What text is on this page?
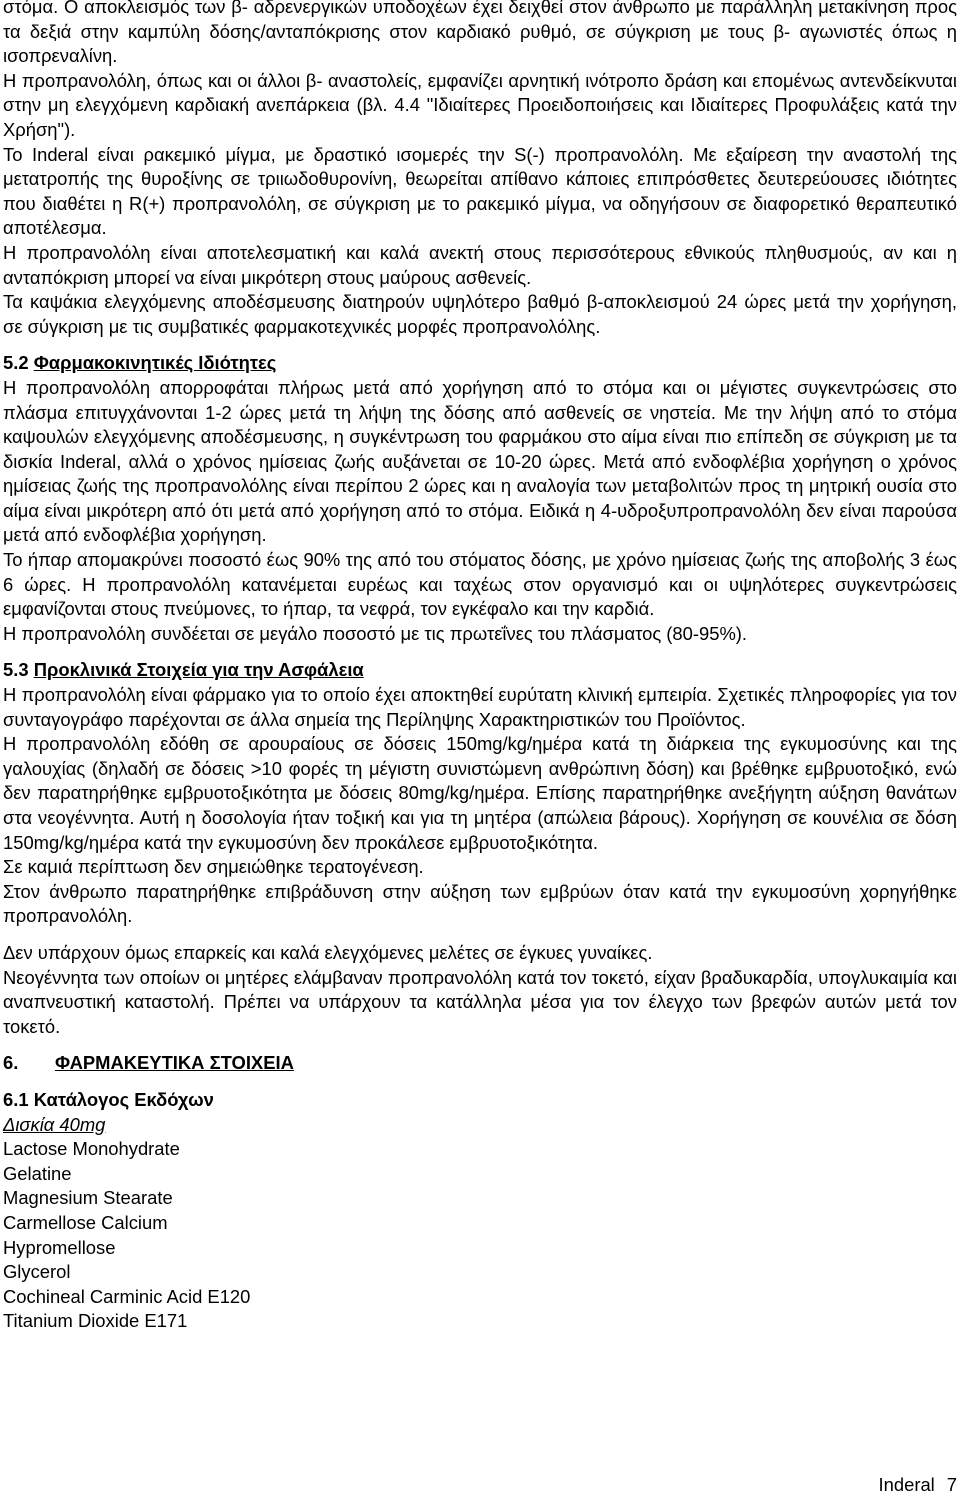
στόμα. Ο αποκλεισμός των β- αδρενεργικών υποδοχέων έχει δειχθεί στον άνθρωπο με παράλληλη μετακίνηση προς τα δεξιά στην καμπύλη δόσης/ανταπόκρισης στον καρδιακό ρυθμό, σε σύγκριση με τους β- αγωνιστές όπως η ισοπρεναλίνη.

Η προπρανολόλη, όπως και οι άλλοι β- αναστολείς, εμφανίζει αρνητική ινότροπο δράση και επομένως αντενδείκνυται στην μη ελεγχόμενη καρδιακή ανεπάρκεια (βλ. 4.4 "Ιδιαίτερες Προειδοποιήσεις και Ιδιαίτερες Προφυλάξεις κατά την Χρήση").

Το Inderal είναι ρακεμικό μίγμα, με δραστικό ισομερές την S(-) προπρανολόλη. Με εξαίρεση την αναστολή της μετατροπής της θυροξίνης σε τριιωδοθυρονίνη, θεωρείται απίθανο κάποιες επιπρόσθετες δευτερεύουσες ιδιότητες που διαθέτει η R(+) προπρανολόλη, σε σύγκριση με το ρακεμικό μίγμα, να οδηγήσουν σε διαφορετικό θεραπευτικό αποτέλεσμα.

Η προπρανολόλη είναι αποτελεσματική και καλά ανεκτή στους περισσότερους εθνικούς πληθυσμούς, αν και η ανταπόκριση μπορεί να είναι μικρότερη στους μαύρους ασθενείς.

Τα καψάκια ελεγχόμενης αποδέσμευσης διατηρούν υψηλότερο βαθμό β-αποκλεισμού 24 ώρες μετά την χορήγηση, σε σύγκριση με τις συμβατικές φαρμακοτεχνικές μορφές προπρανολόλης.

5.2 Φαρμακοκινητικές Ιδιότητες

Η προπρανολόλη απορροφάται πλήρως μετά από χορήγηση από το στόμα και οι μέγιστες συγκεντρώσεις στο πλάσμα επιτυγχάνονται 1-2 ώρες μετά τη λήψη της δόσης από ασθενείς σε νηστεία. Με την λήψη από το στόμα καψουλών ελεγχόμενης αποδέσμευσης, η συγκέντρωση του φαρμάκου στο αίμα είναι πιο επίπεδη σε σύγκριση με τα δισκία Inderal, αλλά ο χρόνος ημίσειας ζωής αυξάνεται σε 10-20 ώρες. Μετά από ενδοφλέβια χορήγηση ο χρόνος ημίσειας ζωής της προπρανολόλης είναι περίπου 2 ώρες και η αναλογία των μεταβολιτών προς τη μητρική ουσία στο αίμα είναι μικρότερη από ότι μετά από χορήγηση από το στόμα. Ειδικά η 4-υδροξυπροπρανολόλη δεν είναι παρούσα μετά από ενδοφλέβια χορήγηση.

Το ήπαρ απομακρύνει ποσοστό έως 90% της από του στόματος δόσης, με χρόνο ημίσειας ζωής της αποβολής 3 έως 6 ώρες. Η προπρανολόλη κατανέμεται ευρέως και ταχέως στον οργανισμό και οι υψηλότερες συγκεντρώσεις εμφανίζονται στους πνεύμονες, το ήπαρ, τα νεφρά, τον εγκέφαλο και την καρδιά.

Η προπρανολόλη συνδέεται σε μεγάλο ποσοστό με τις πρωτεΐνες του πλάσματος (80-95%).

5.3 Προκλινικά Στοιχεία για την Ασφάλεια

Η προπρανολόλη είναι φάρμακο για το οποίο έχει αποκτηθεί ευρύτατη κλινική εμπειρία. Σχετικές πληροφορίες για τον συνταγογράφο παρέχονται σε άλλα σημεία της Περίληψης Χαρακτηριστικών του Προϊόντος.

Η προπρανολόλη εδόθη σε αρουραίους σε δόσεις 150mg/kg/ημέρα κατά τη διάρκεια της εγκυμοσύνης και της γαλουχίας (δηλαδή σε δόσεις >10 φορές τη μέγιστη συνιστώμενη ανθρώπινη δόση) και βρέθηκε εμβρυοτοξικό, ενώ δεν παρατηρήθηκε εμβρυοτοξικότητα με δόσεις 80mg/kg/ημέρα. Επίσης παρατηρήθηκε ανεξήγητη αύξηση θανάτων στα νεογέννητα. Αυτή η δοσολογία ήταν τοξική και για τη μητέρα (απώλεια βάρους). Χορήγηση σε κουνέλια σε δόση 150mg/kg/ημέρα κατά την εγκυμοσύνη δεν προκάλεσε εμβρυοτοξικότητα.

Σε καμιά περίπτωση δεν σημειώθηκε τερατογένεση.

Στον άνθρωπο παρατηρήθηκε επιβράδυνση στην αύξηση των εμβρύων όταν κατά την εγκυμοσύνη χορηγήθηκε προπρανολόλη.

Δεν υπάρχουν όμως επαρκείς και καλά ελεγχόμενες μελέτες σε έγκυες γυναίκες.

Νεογέννητα των οποίων οι μητέρες ελάμβαναν προπρανολόλη κατά τον τοκετό, είχαν βραδυκαρδία, υπογλυκαιμία και αναπνευστική καταστολή. Πρέπει να υπάρχουν τα κατάλληλα μέσα για τον έλεγχο των βρεφών αυτών μετά τον τοκετό.

6. ΦΑΡΜΑΚΕΥΤΙΚΑ ΣΤΟΙΧΕΙΑ

6.1 Κατάλογος Εκδόχων

Δισκία 40mg

Lactose Monohydrate

Gelatine

Magnesium Stearate

Carmellose Calcium

Hypromellose

Glycerol

Cochineal Carminic Acid E120

Titanium Dioxide E171

Inderal 7
